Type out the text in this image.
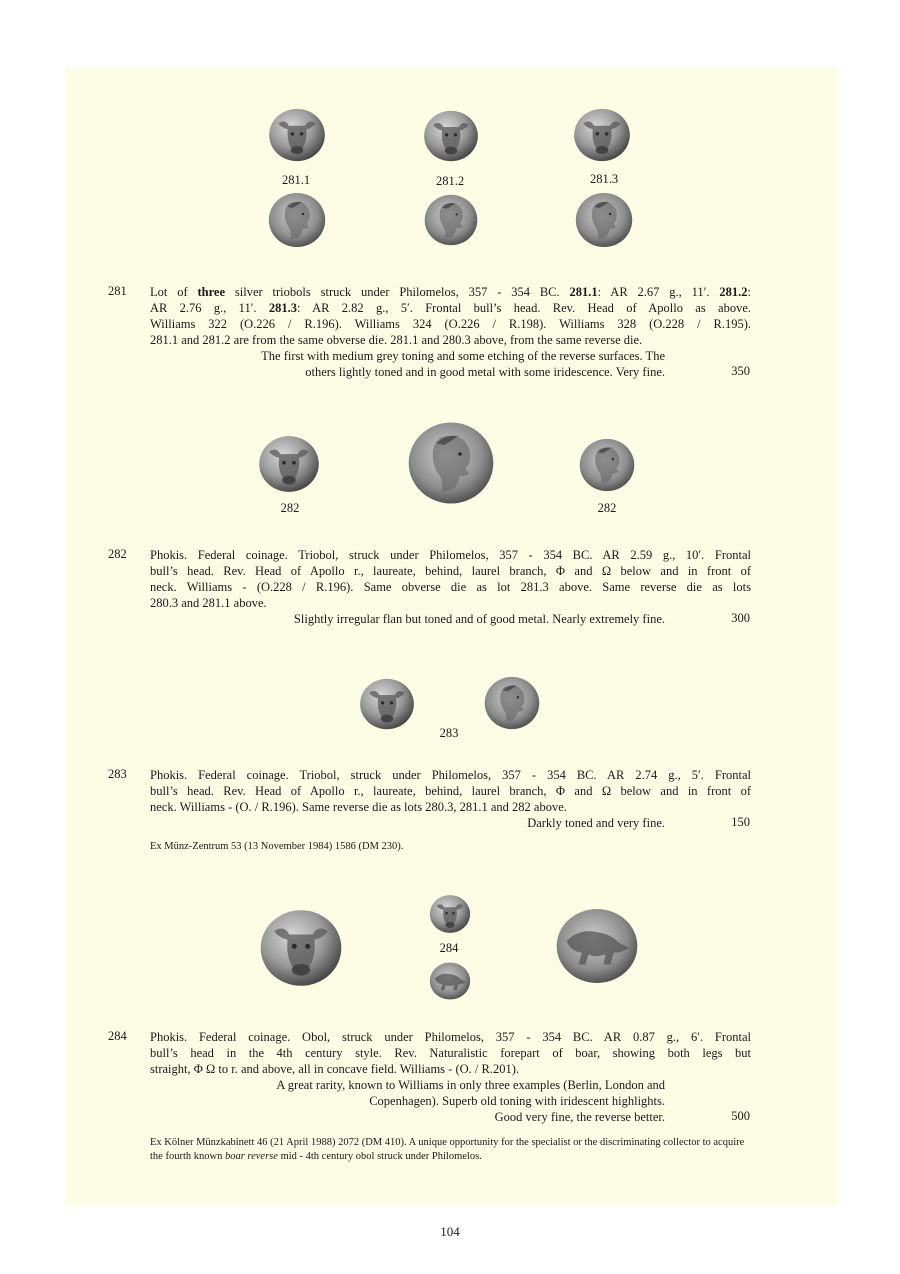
281.1	281.2	281.3
281 Lot of three silver triobols struck under Philomelos, 357 - 354 BC. 281.1: AR 2.67 g., 11′. 281.2:
AR 2.76 g., 11′. 281.3: AR 2.82 g., 5′. Frontal bull’s head. Rev. Head of Apollo as above.
Williams 322 (O.226 / R.196). Williams 324 (O.226 / R.198). Williams 328 (O.228 / R.195).
281.1 and 281.2 are from the same obverse die. 281.1 and 280.3 above, from the same reverse die.
The first with medium grey toning and some etching of the reverse surfaces. The
others lightly toned and in good metal with some iridescence. Very fine.	350
282	282
282 Phokis. Federal coinage. Triobol, struck under Philomelos, 357 - 354 BC. AR 2.59 g., 10′. Frontal
bull’s head. Rev. Head of Apollo r., laureate, behind, laurel branch, Φ and Ω below and in front of
neck. Williams - (O.228 / R.196). Same obverse die as lot 281.3 above. Same reverse die as lots
280.3 and 281.1 above.
Slightly irregular flan but toned and of good metal. Nearly extremely fine.	300
283
283 Phokis. Federal coinage. Triobol, struck under Philomelos, 357 - 354 BC. AR 2.74 g., 5′. Frontal
bull’s head. Rev. Head of Apollo r., laureate, behind, laurel branch, Φ and Ω below and in front of
neck. Williams - (O. / R.196). Same reverse die as lots 280.3, 281.1 and 282 above.
Darkly toned and very fine.	150
Ex Münz-Zentrum 53 (13 November 1984) 1586 (DM 230).
284
284 Phokis. Federal coinage. Obol, struck under Philomelos, 357 - 354 BC. AR 0.87 g., 6′. Frontal
bull’s head in the 4th century style. Rev. Naturalistic forepart of boar, showing both legs but
straight, Φ Ω to r. and above, all in concave field. Williams - (O. / R.201).
A great rarity, known to Williams in only three examples (Berlin, London and
Copenhagen). Superb old toning with iridescent highlights.
Good very fine, the reverse better.	500
Ex Kölner Münzkabinett 46 (21 April 1988) 2072 (DM 410). A unique opportunity for the specialist or the discriminating collector to acquire the fourth known boar reverse mid - 4th century obol struck under Philomelos.
104
